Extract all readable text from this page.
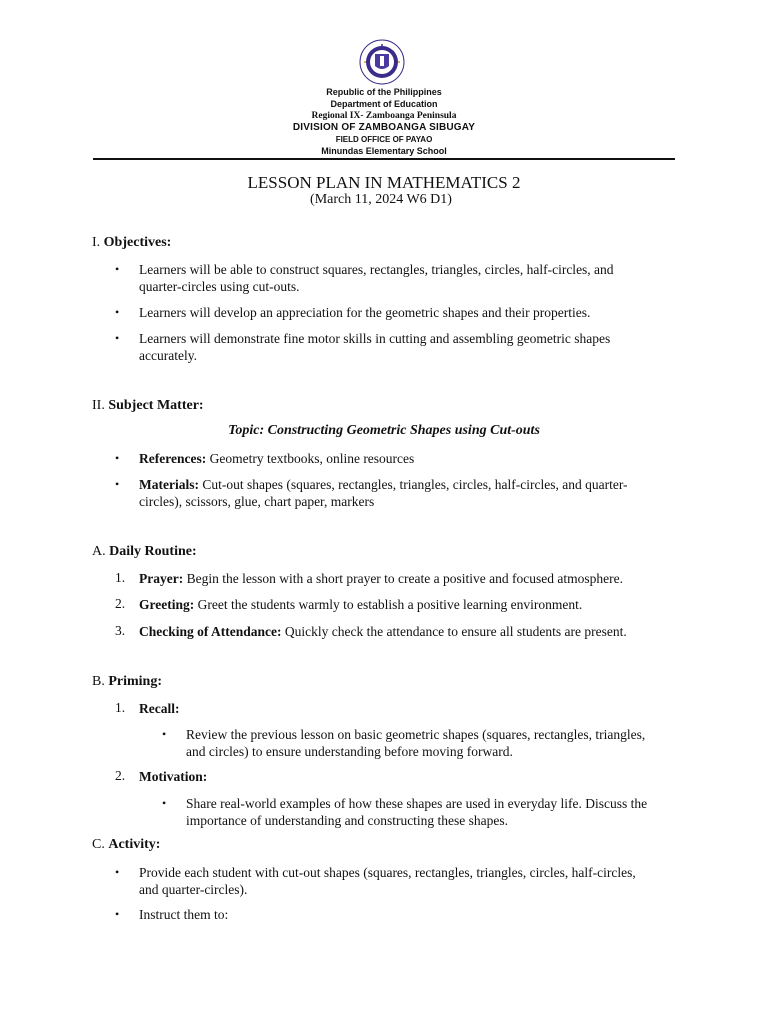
Republic of the Philippines
Department of Education
Regional IX- Zamboanga Peninsula
DIVISION OF ZAMBOANGA SIBUGAY
FIELD OFFICE OF PAYAO
Minundas Elementary School
LESSON PLAN IN MATHEMATICS 2
(March 11, 2024 W6 D1)
I. Objectives:
• Learners will be able to construct squares, rectangles, triangles, circles, half-circles, and
quarter-circles using cut-outs.
• Learners will develop an appreciation for the geometric shapes and their properties.
• Learners will demonstrate fine motor skills in cutting and assembling geometric shapes
accurately.
II. Subject Matter:
Topic: Constructing Geometric Shapes using Cut-outs
• References: Geometry textbooks, online resources
• Materials: Cut-out shapes (squares, rectangles, triangles, circles, half-circles, and quarter-
circles), scissors, glue, chart paper, markers
A. Daily Routine:
1. Prayer: Begin the lesson with a short prayer to create a positive and focused atmosphere.
2. Greeting: Greet the students warmly to establish a positive learning environment.
3. Checking of Attendance: Quickly check the attendance to ensure all students are present.
B. Priming:
1. Recall:
• Review the previous lesson on basic geometric shapes (squares, rectangles, triangles,
and circles) to ensure understanding before moving forward.
2. Motivation:
• Share real-world examples of how these shapes are used in everyday life. Discuss the
importance of understanding and constructing these shapes.
C. Activity:
• Provide each student with cut-out shapes (squares, rectangles, triangles, circles, half-circles,
and quarter-circles).
• Instruct them to:
